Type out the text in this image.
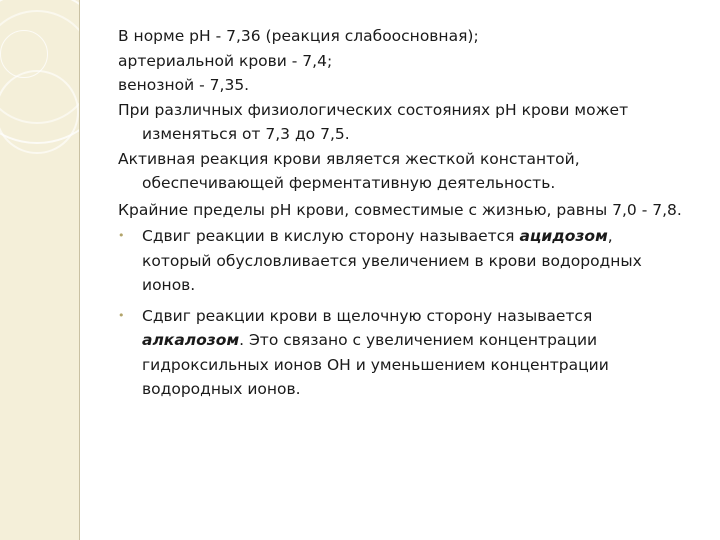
В норме рН - 7,36 (реакция слабоосновная);

артериальной крови - 7,4;

венозной - 7,35.

При различных физиологических состояниях рН крови может

изменяться от 7,3 до 7,5.

Активная реакция крови является жесткой константой,

обеспечивающей ферментативную деятельность.

Крайние пределы рН крови, совместимые с жизнью, равны 7,0 - 7,8.

• Сдвиг реакции в кислую сторону называется ацидозом,

который обусловливается увеличением в крови водородных

ионов.

• Сдвиг реакции крови в щелочную сторону называется

алкалозом. Это связано с увеличением концентрации

гидроксильных ионов ОН и уменьшением концентрации

водородных ионов.
